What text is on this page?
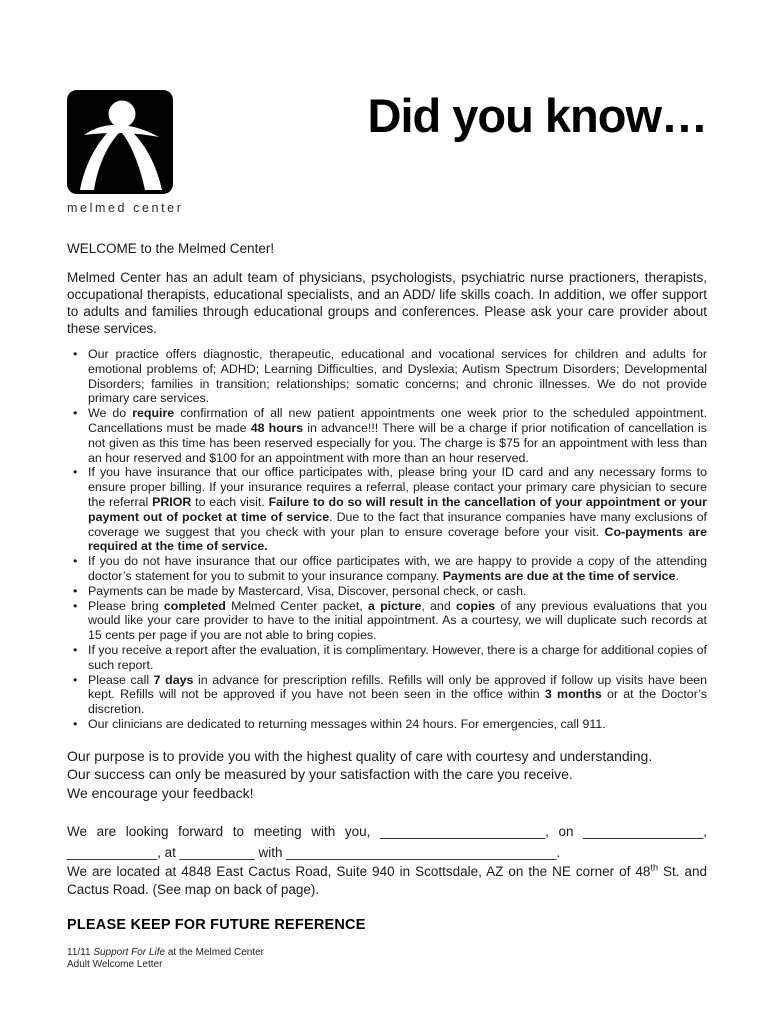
melmed center
Did you know…
WELCOME to the Melmed Center!

Melmed Center has an adult team of physicians, psychologists, psychiatric nurse practioners, therapists, occupational therapists, educational specialists, and an ADD/ life skills coach. In addition, we offer support to adults and families through educational groups and conferences. Please ask your care provider about these services.

• Our practice offers diagnostic, therapeutic, educational and vocational services for children and adults for emotional problems of; ADHD; Learning Difficulties, and Dyslexia; Autism Spectrum Disorders; Developmental Disorders; families in transition; relationships; somatic concerns; and chronic illnesses. We do not provide primary care services.
• We do require confirmation of all new patient appointments one week prior to the scheduled appointment. Cancellations must be made 48 hours in advance!!! There will be a charge if prior notification of cancellation is not given as this time has been reserved especially for you. The charge is $75 for an appointment with less than an hour reserved and $100 for an appointment with more than an hour reserved.
• If you have insurance that our office participates with, please bring your ID card and any necessary forms to ensure proper billing. If your insurance requires a referral, please contact your primary care physician to secure the referral PRIOR to each visit. Failure to do so will result in the cancellation of your appointment or your payment out of pocket at time of service. Due to the fact that insurance companies have many exclusions of coverage we suggest that you check with your plan to ensure coverage before your visit. Co-payments are required at the time of service.
• If you do not have insurance that our office participates with, we are happy to provide a copy of the attending doctor’s statement for you to submit to your insurance company. Payments are due at the time of service.
• Payments can be made by Mastercard, Visa, Discover, personal check, or cash.
• Please bring completed Melmed Center packet, a picture, and copies of any previous evaluations that you would like your care provider to have to the initial appointment. As a courtesy, we will duplicate such records at 15 cents per page if you are not able to bring copies.
• If you receive a report after the evaluation, it is complimentary. However, there is a charge for additional copies of such report.
• Please call 7 days in advance for prescription refills. Refills will only be approved if follow up visits have been kept. Refills will not be approved if you have not been seen in the office within 3 months or at the Doctor’s discretion.
• Our clinicians are dedicated to returning messages within 24 hours. For emergencies, call 911.
Our purpose is to provide you with the highest quality of care with courtesy and understanding.
Our success can only be measured by your satisfaction with the care you receive.
We encourage your feedback!

We are looking forward to meeting with you, ______________________, on ________________, ____________, at __________ with ____________________________________.

We are located at 4848 East Cactus Road, Suite 940 in Scottsdale, AZ on the NE corner of 48th St. and Cactus Road. (See map on back of page).

PLEASE KEEP FOR FUTURE REFERENCE
11/11 Support For Life at the Melmed Center
Adult Welcome Letter
